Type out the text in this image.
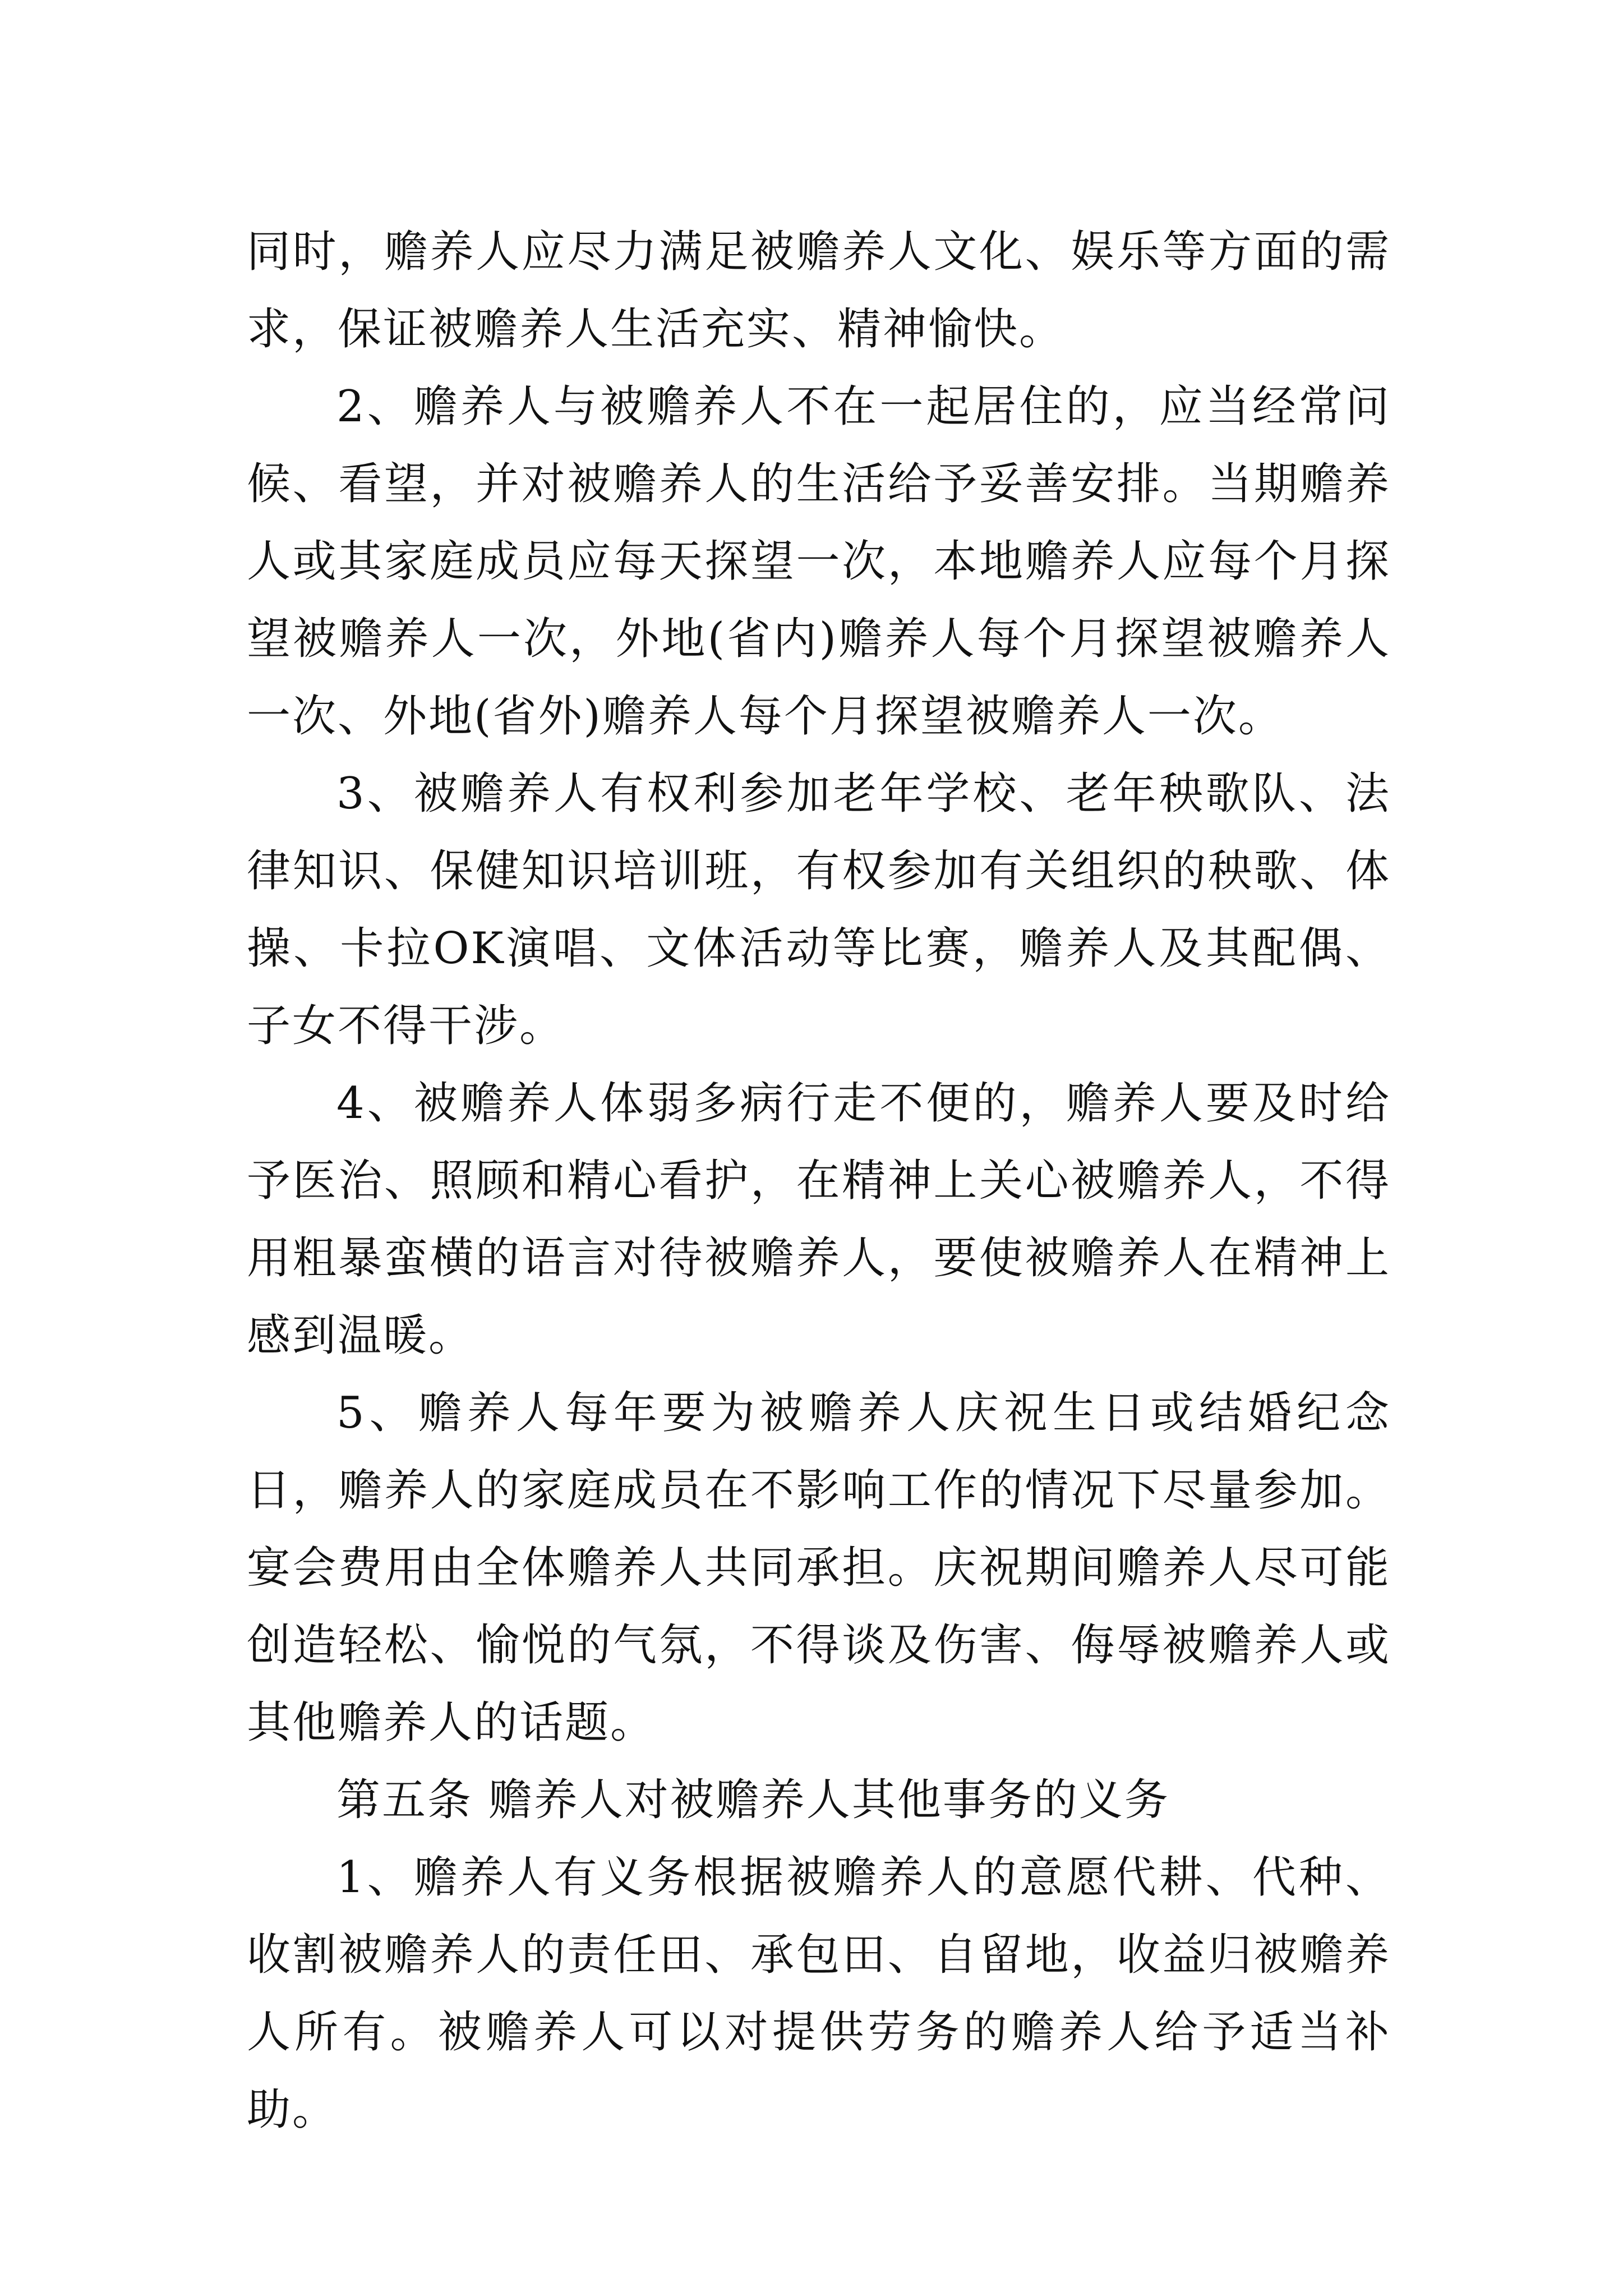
同时，赡养人应尽力满足被赡养人文化、娱乐等方面的需求，保证被赡养人生活充实、精神愉快。

2、赡养人与被赡养人不在一起居住的，应当经常问候、看望，并对被赡养人的生活给予妥善安排。当期赡养人或其家庭成员应每天探望一次，本地赡养人应每个月探望被赡养人一次，外地(省内)赡养人每个月探望被赡养人一次、外地(省外)赡养人每个月探望被赡养人一次。

3、被赡养人有权利参加老年学校、老年秧歌队、法律知识、保健知识培训班，有权参加有关组织的秧歌、体操、卡拉OK演唱、文体活动等比赛，赡养人及其配偶、子女不得干涉。

4、被赡养人体弱多病行走不便的，赡养人要及时给予医治、照顾和精心看护，在精神上关心被赡养人，不得用粗暴蛮横的语言对待被赡养人，要使被赡养人在精神上感到温暖。

5、赡养人每年要为被赡养人庆祝生日或结婚纪念日，赡养人的家庭成员在不影响工作的情况下尽量参加。宴会费用由全体赡养人共同承担。庆祝期间赡养人尽可能创造轻松、愉悦的气氛，不得谈及伤害、侮辱被赡养人或其他赡养人的话题。

第五条 赡养人对被赡养人其他事务的义务

1、赡养人有义务根据被赡养人的意愿代耕、代种、收割被赡养人的责任田、承包田、自留地，收益归被赡养人所有。被赡养人可以对提供劳务的赡养人给予适当补助。
